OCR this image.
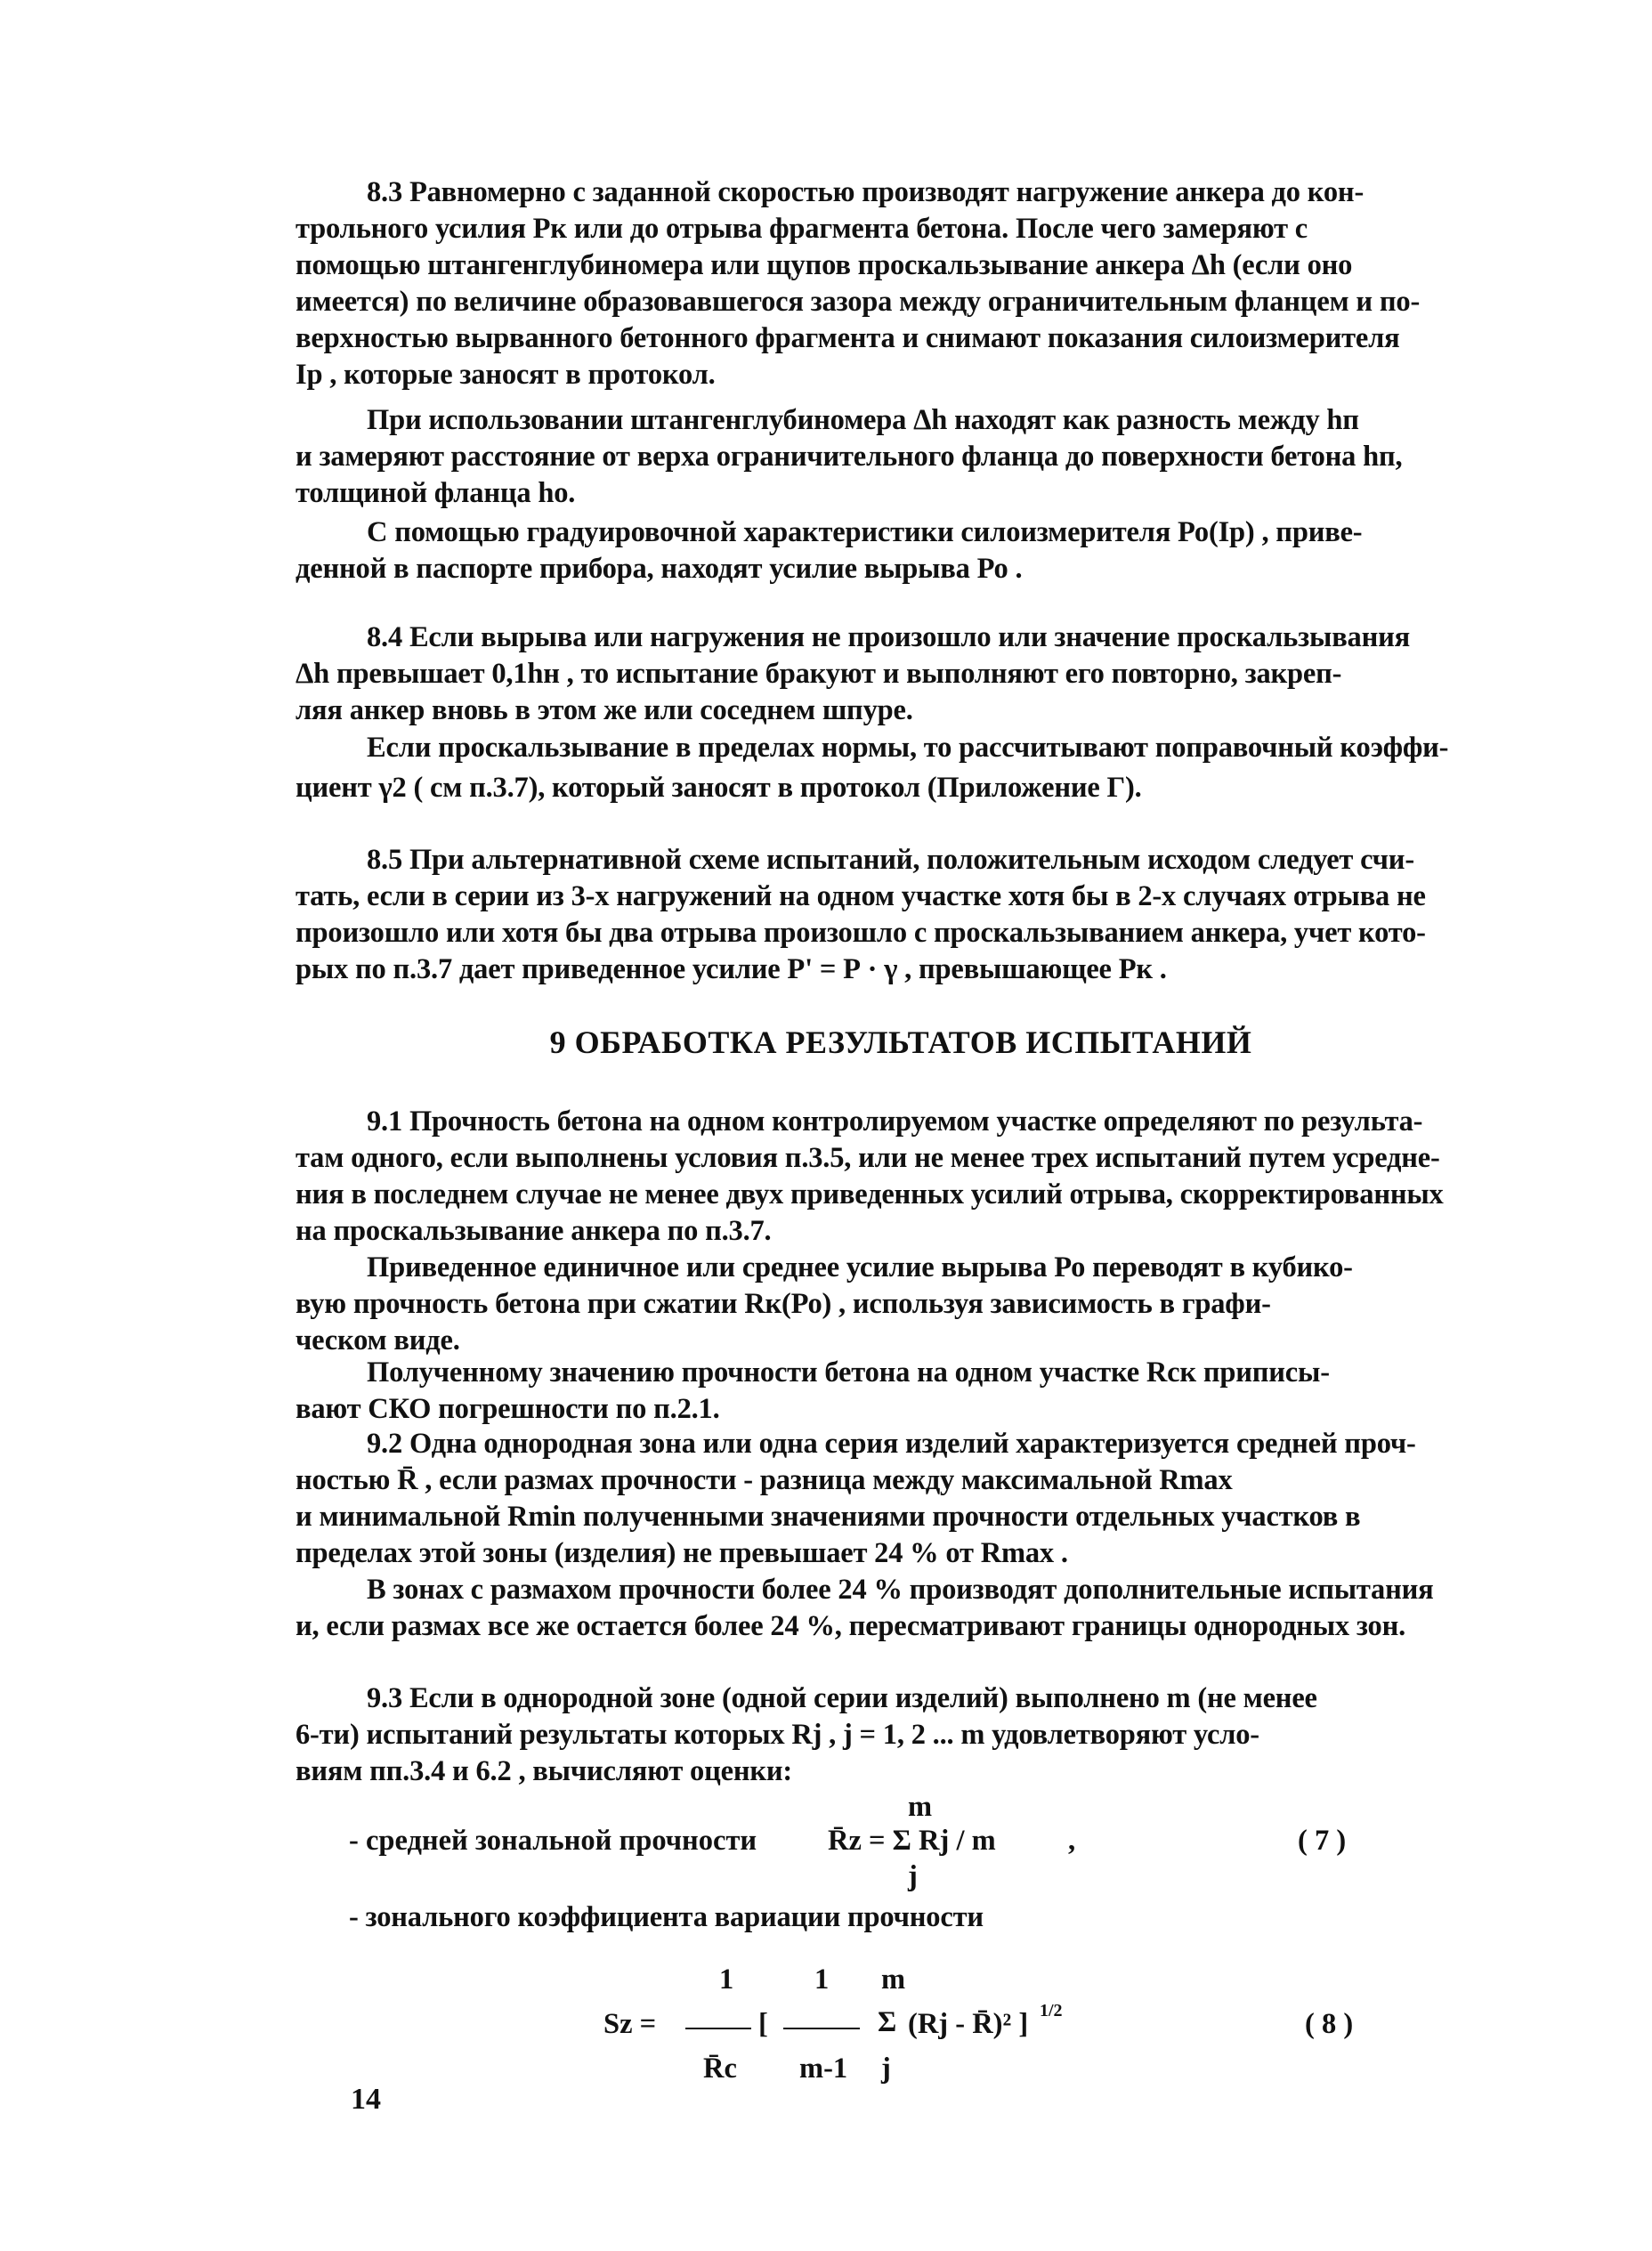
8.3 Равномерно с заданной скоростью производят нагружение анкера до кон-
трольного усилия Рк или до отрыва фрагмента бетона. После чего замеряют с
помощью штангенглубиномера или щупов проскальзывание анкера Δh (если оно
имеется) по величине образовавшегося зазора между ограничительным фланцем и по-
верхностью вырванного бетонного фрагмента и снимают показания силоизмерителя
Iр , которые заносят в протокол.
При использовании штангенглубиномера Δh находят как разность между hп
и замеряют расстояние от верха ограничительного фланца до поверхности бетона hп,
толщиной фланца hо.
С помощью градуировочной характеристики силоизмерителя Ро(Iр) , приве-
денной в паспорте прибора, находят усилие вырыва Ро .
8.4 Если вырыва или нагружения не произошло или значение проскальзывания
Δh превышает 0,1hн , то испытание бракуют и выполняют его повторно, закреп-
ляя анкер вновь в этом же или соседнем шпуре.
Если проскальзывание в пределах нормы, то рассчитывают поправочный коэффи-
циент γ2 ( см п.3.7), который заносят в протокол (Приложение Г).
8.5 При альтернативной схеме испытаний, положительным исходом следует счи-
тать, если в серии из 3-х нагружений на одном участке хотя бы в 2-х случаях отрыва не
произошло или хотя бы два отрыва произошло с проскальзыванием анкера, учет кото-
рых по п.3.7 дает приведенное усилие Р' = Р · γ , превышающее Рк .
9 ОБРАБОТКА РЕЗУЛЬТАТОВ ИСПЫТАНИЙ
9.1 Прочность бетона на одном контролируемом участке определяют по результа-
там одного, если выполнены условия п.3.5, или не менее трех испытаний путем усредне-
ния в последнем случае не менее двух приведенных усилий отрыва, скорректированных
на проскальзывание анкера по п.3.7.
Приведенное единичное или среднее усилие вырыва Ро переводят в кубико-
вую прочность бетона при сжатии Rк(Ро) , используя зависимость в графи-
ческом виде.
Полученному значению прочности бетона на одном участке Rск приписы-
вают СКО погрешности по п.2.1.
9.2 Одна однородная зона или одна серия изделий характеризуется средней проч-
ностью R̄ , если размах прочности - разница между максимальной Rmax
и минимальной Rmin полученными значениями прочности отдельных участков в
пределах этой зоны (изделия) не превышает 24 % от Rmax .
В зонах с размахом прочности более 24 % производят дополнительные испытания
и, если размах все же остается более 24 %, пересматривают границы однородных зон.
9.3 Если в однородной зоне (одной серии изделий) выполнено m (не менее
6-ти) испытаний результаты которых Rj , j = 1, 2 ... m удовлетворяют усло-
виям пп.3.4 и 6.2 , вычисляют оценки:
m
- средней зональной прочности R̄z = Σ Rj / m	,	( 7 )
j
- зонального коэффициента вариации прочности
1	1 m
Sz =	[	Σ (Rj - R̄)² ] 1/2	( 8 )
R̄c m-1 j
14
